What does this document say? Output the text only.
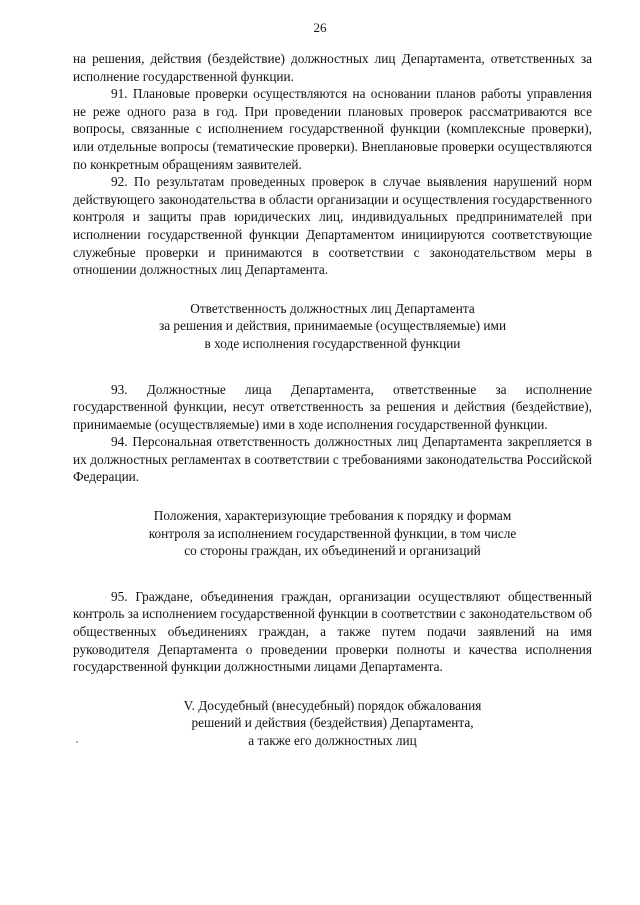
26

на решения, действия (бездействие) должностных лиц Департамента, ответственных за исполнение государственной функции.

91. Плановые проверки осуществляются на основании планов работы управления не реже одного раза в год. При проведении плановых проверок рассматриваются все вопросы, связанные с исполнением государственной функции (комплексные проверки), или отдельные вопросы (тематические проверки). Внеплановые проверки осуществляются по конкретным обращениям заявителей.

92. По результатам проведенных проверок в случае выявления нарушений норм действующего законодательства в области организации и осуществления государственного контроля и защиты прав юридических лиц, индивидуальных предпринимателей при исполнении государственной функции Департаментом инициируются соответствующие служебные проверки и принимаются в соответствии с законодательством меры в отношении должностных лиц Департамента.

Ответственность должностных лиц Департамента
за решения и действия, принимаемые (осуществляемые) ими
в ходе исполнения государственной функции

93. Должностные лица Департамента, ответственные за исполнение государственной функции, несут ответственность за решения и действия (бездействие), принимаемые (осуществляемые) ими в ходе исполнения государственной функции.

94. Персональная ответственность должностных лиц Департамента закрепляется в их должностных регламентах в соответствии с требованиями законодательства Российской Федерации.

Положения, характеризующие требования к порядку и формам
контроля за исполнением государственной функции, в том числе
со стороны граждан, их объединений и организаций

95. Граждане, объединения граждан, организации осуществляют общественный контроль за исполнением государственной функции в соответствии с законодательством об общественных объединениях граждан, а также путем подачи заявлений на имя руководителя Департамента о проведении проверки полноты и качества исполнения государственной функции должностными лицами Департамента.

V. Досудебный (внесудебный) порядок обжалования
решений и действия (бездействия) Департамента,
а также его должностных лиц
